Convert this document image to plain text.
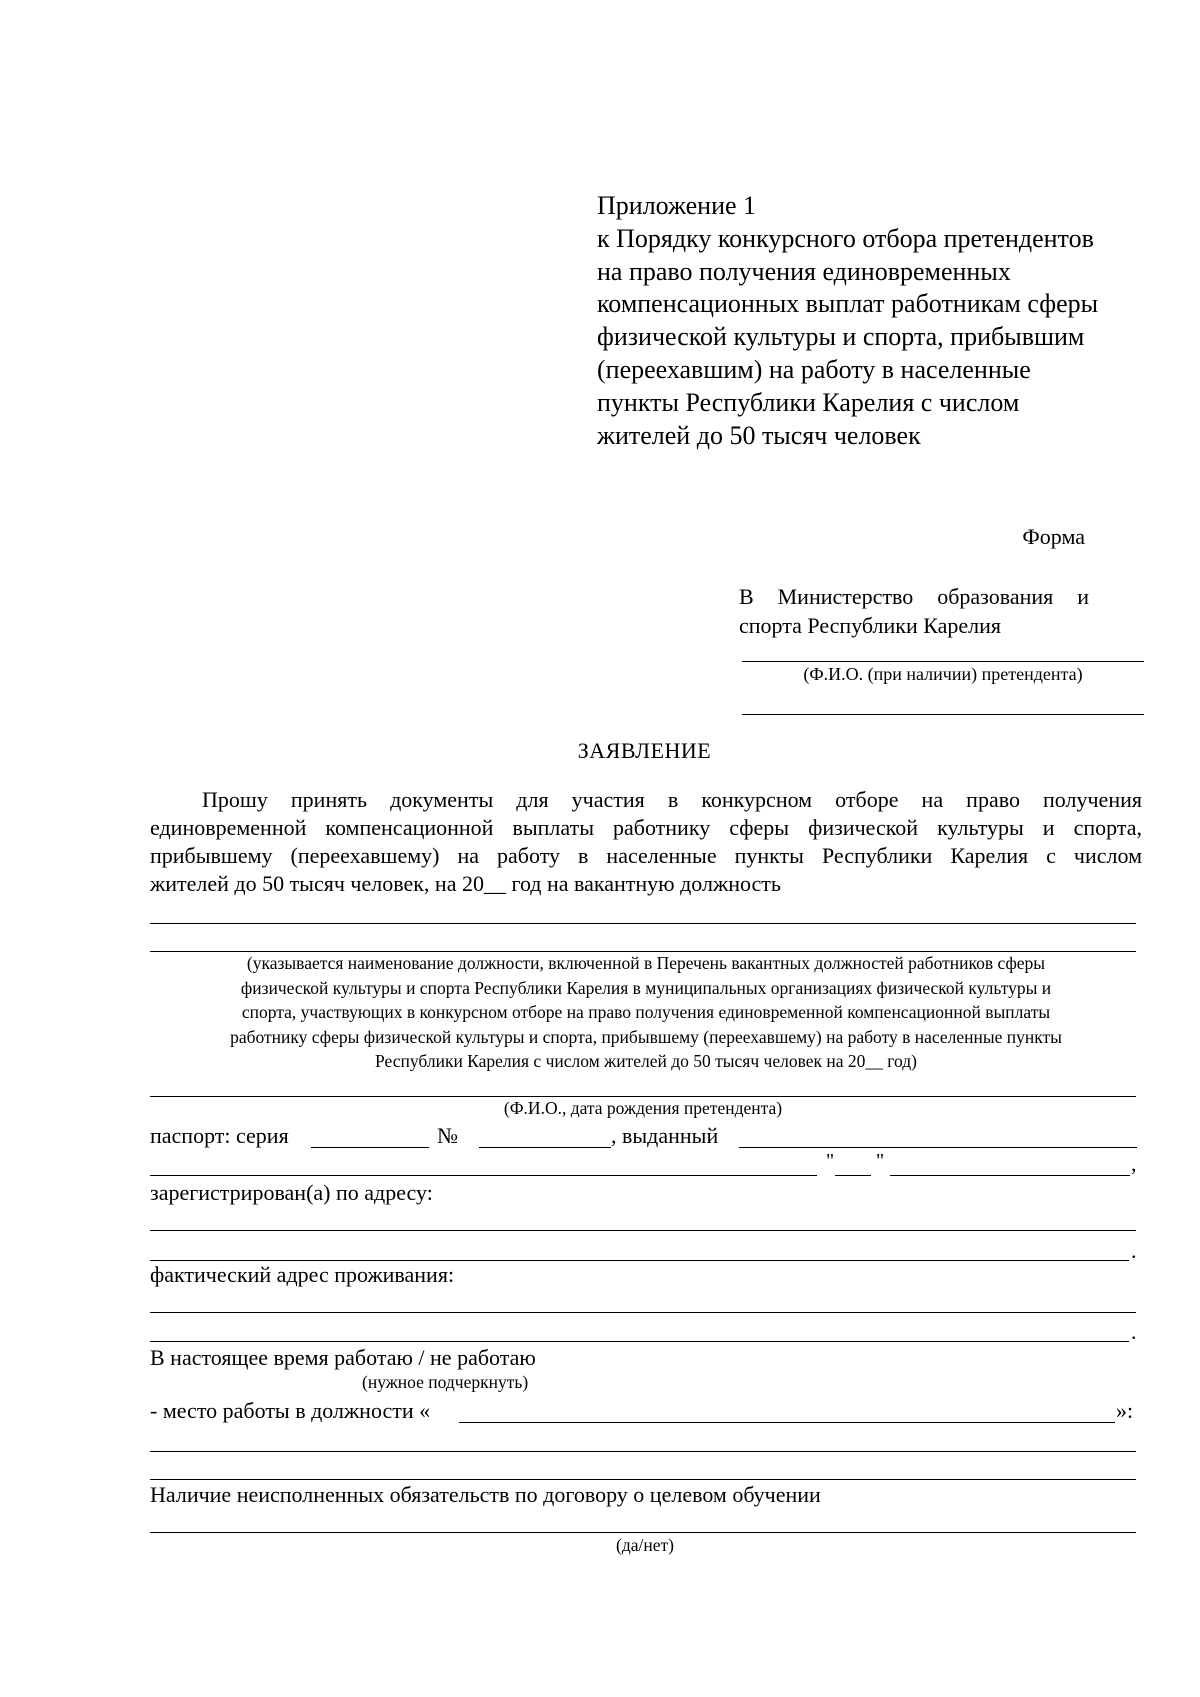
Приложение 1
к Порядку конкурсного отбора претендентов
на право получения единовременных
компенсационных выплат работникам сферы
физической культуры и спорта, прибывшим
(переехавшим) на работу в населенные
пункты Республики Карелия с числом
жителей до 50 тысяч человек
Форма
В Министерство образования и
спорта Республики Карелия
(Ф.И.О. (при наличии) претендента)
ЗАЯВЛЕНИЕ
Прошу принять документы для участия в конкурсном отборе на право получения
единовременной компенсационной выплаты работнику сферы физической культуры и спорта,
прибывшему (переехавшему) на работу в населенные пункты Республики Карелия с числом
жителей до 50 тысяч человек, на 20__ год на вакантную должность
(указывается наименование должности, включенной в Перечень вакантных должностей работников сферы
физической культуры и спорта Республики Карелия в муниципальных организациях физической культуры и
спорта, участвующих в конкурсном отборе на право получения единовременной компенсационной выплаты
работнику сферы физической культуры и спорта, прибывшему (переехавшему) на работу в населенные пункты
Республики Карелия с числом жителей до 50 тысяч человек на 20__ год)
(Ф.И.О., дата рождения претендента)
паспорт: серия	№	, выданный
" "	,
зарегистрирован(а) по адресу:
.
фактический адрес проживания:
.
В настоящее время работаю / не работаю
(нужное подчеркнуть)
- место работы в должности «	»:
Наличие неисполненных обязательств по договору о целевом обучении
(да/нет)
